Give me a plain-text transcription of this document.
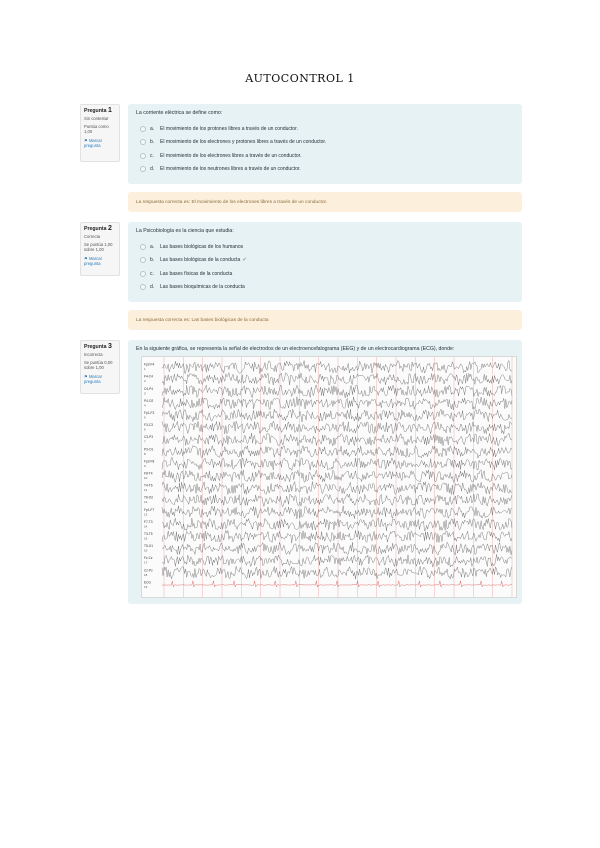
AUTOCONTROL 1
Pregunta 1
Sin contestar
Puntúa como 1,00
⚑ Marcar pregunta
La corriente eléctrica se define como:
a.	El movimiento de los protones libres a través de un conductor.
b.	El movimiento de los electrones y protones libres a través de un conductor.
c.	El movimiento de los electrones libres a través de un conductor.
d.	El movimiento de los neutrones libres a través de un conductor.
La respuesta correcta es: El movimiento de los electrones libres a través de un conductor.
Pregunta 2
Correcta
Se puntúa 1,00 sobre 1,00
⚑ Marcar pregunta
La Psicobiología es la ciencia que estudia:
a.	Las bases biológicas de los humanos
b.	Las bases biológicas de la conducta ✓
c.	Las bases físicas de la conducta
d.	Las bases bioquímicas de la conducta
La respuesta correcta es: Las bases biológicas de la conducta
Pregunta 3
Incorrecta
Se puntúa 0,00 sobre 1,00
⚑ Marcar pregunta
En la siguiente gráfica, se representa la señal de electrodos de un electroencefalograma (EEG) y de un electrocardiograma (ECG), donde:
Fp2-F4
1
F4-C4
2
C4-P4
3
P4-O2
4
Fp1-F3
5
F3-C3
6
C3-P3
7
P3-O1
8
Fp2-F8
9
F8-T4
10
T4-T6
11
T6-O2
12
Fp1-F7
13
F7-T3
14
T3-T5
15
T5-O1
16
Fz-Cz
17
Cz-Pz
18
ECG
19
